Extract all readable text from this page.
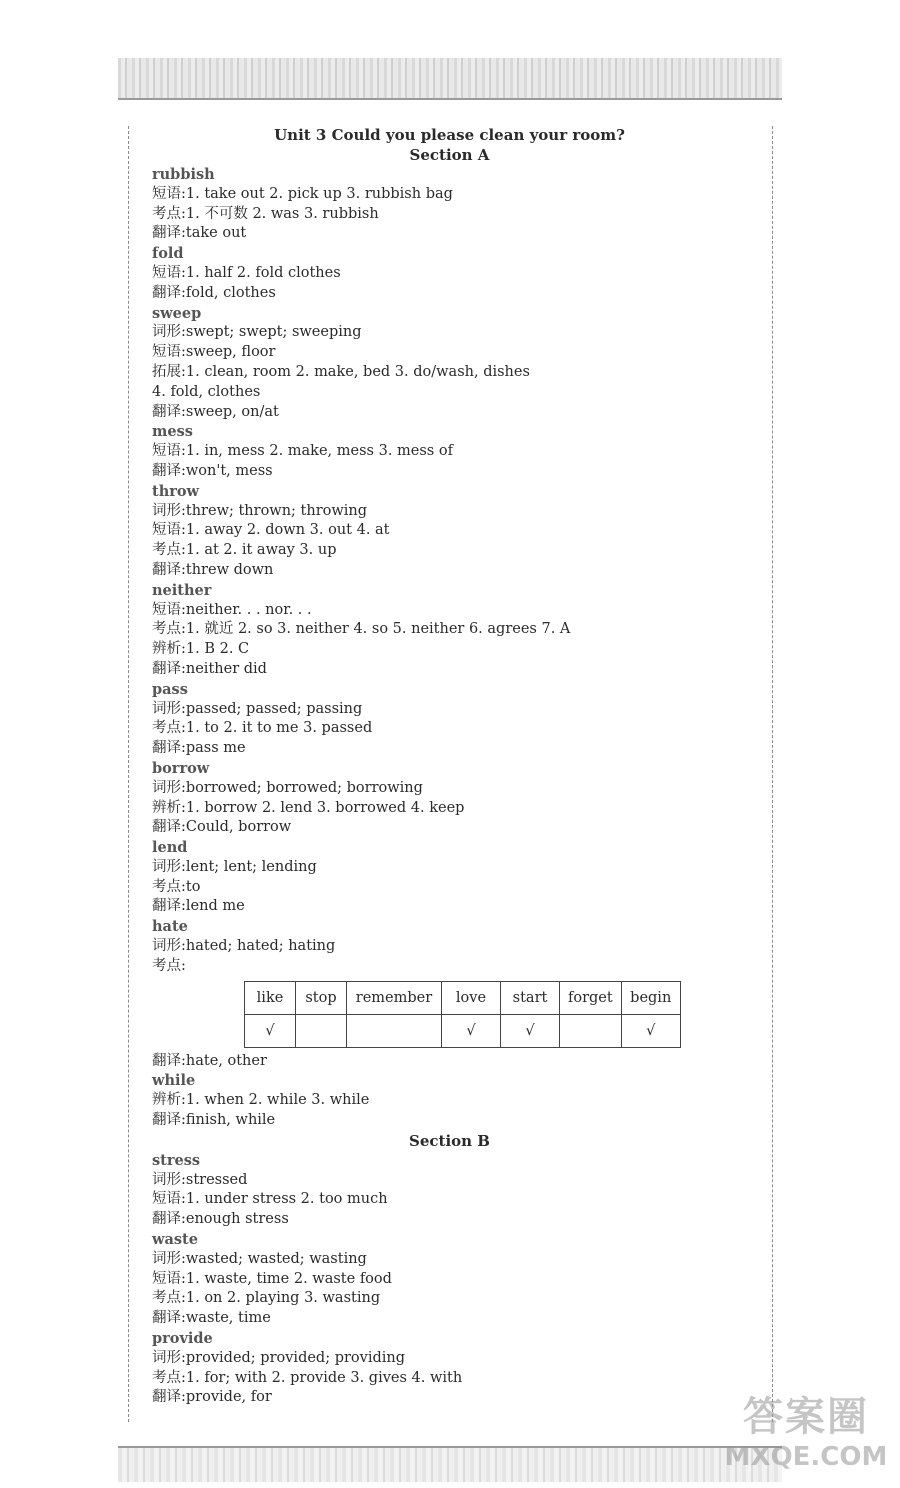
Unit 3 Could you please clean your room?
Section A
rubbish
短语:1. take out 2. pick up 3. rubbish bag
考点:1. 不可数 2. was 3. rubbish
翻译:take out
fold
短语:1. half 2. fold clothes
翻译:fold, clothes
sweep
词形:swept; swept; sweeping
短语:sweep, floor
拓展:1. clean, room 2. make, bed 3. do/wash, dishes
4. fold, clothes
翻译:sweep, on/at
mess
短语:1. in, mess 2. make, mess 3. mess of
翻译:won't, mess
throw
词形:threw; thrown; throwing
短语:1. away 2. down 3. out 4. at
考点:1. at 2. it away 3. up
翻译:threw down
neither
短语:neither. . . nor. . .
考点:1. 就近 2. so 3. neither 4. so 5. neither 6. agrees 7. A
辨析:1. B 2. C
翻译:neither did
pass
词形:passed; passed; passing
考点:1. to 2. it to me 3. passed
翻译:pass me
borrow
词形:borrowed; borrowed; borrowing
辨析:1. borrow 2. lend 3. borrowed 4. keep
翻译:Could, borrow
lend
词形:lent; lent; lending
考点:to
翻译:lend me
hate
词形:hated; hated; hating
考点:
like	stop	remember	love	start	forget	begin
√			√	√		√
翻译:hate, other
while
辨析:1. when 2. while 3. while
翻译:finish, while
Section B
stress
词形:stressed
短语:1. under stress 2. too much
翻译:enough stress
waste
词形:wasted; wasted; wasting
短语:1. waste, time 2. waste food
考点:1. on 2. playing 3. wasting
翻译:waste, time
provide
词形:provided; provided; providing
考点:1. for; with 2. provide 3. gives 4. with
翻译:provide, for	答案圈
MXQE.COM
